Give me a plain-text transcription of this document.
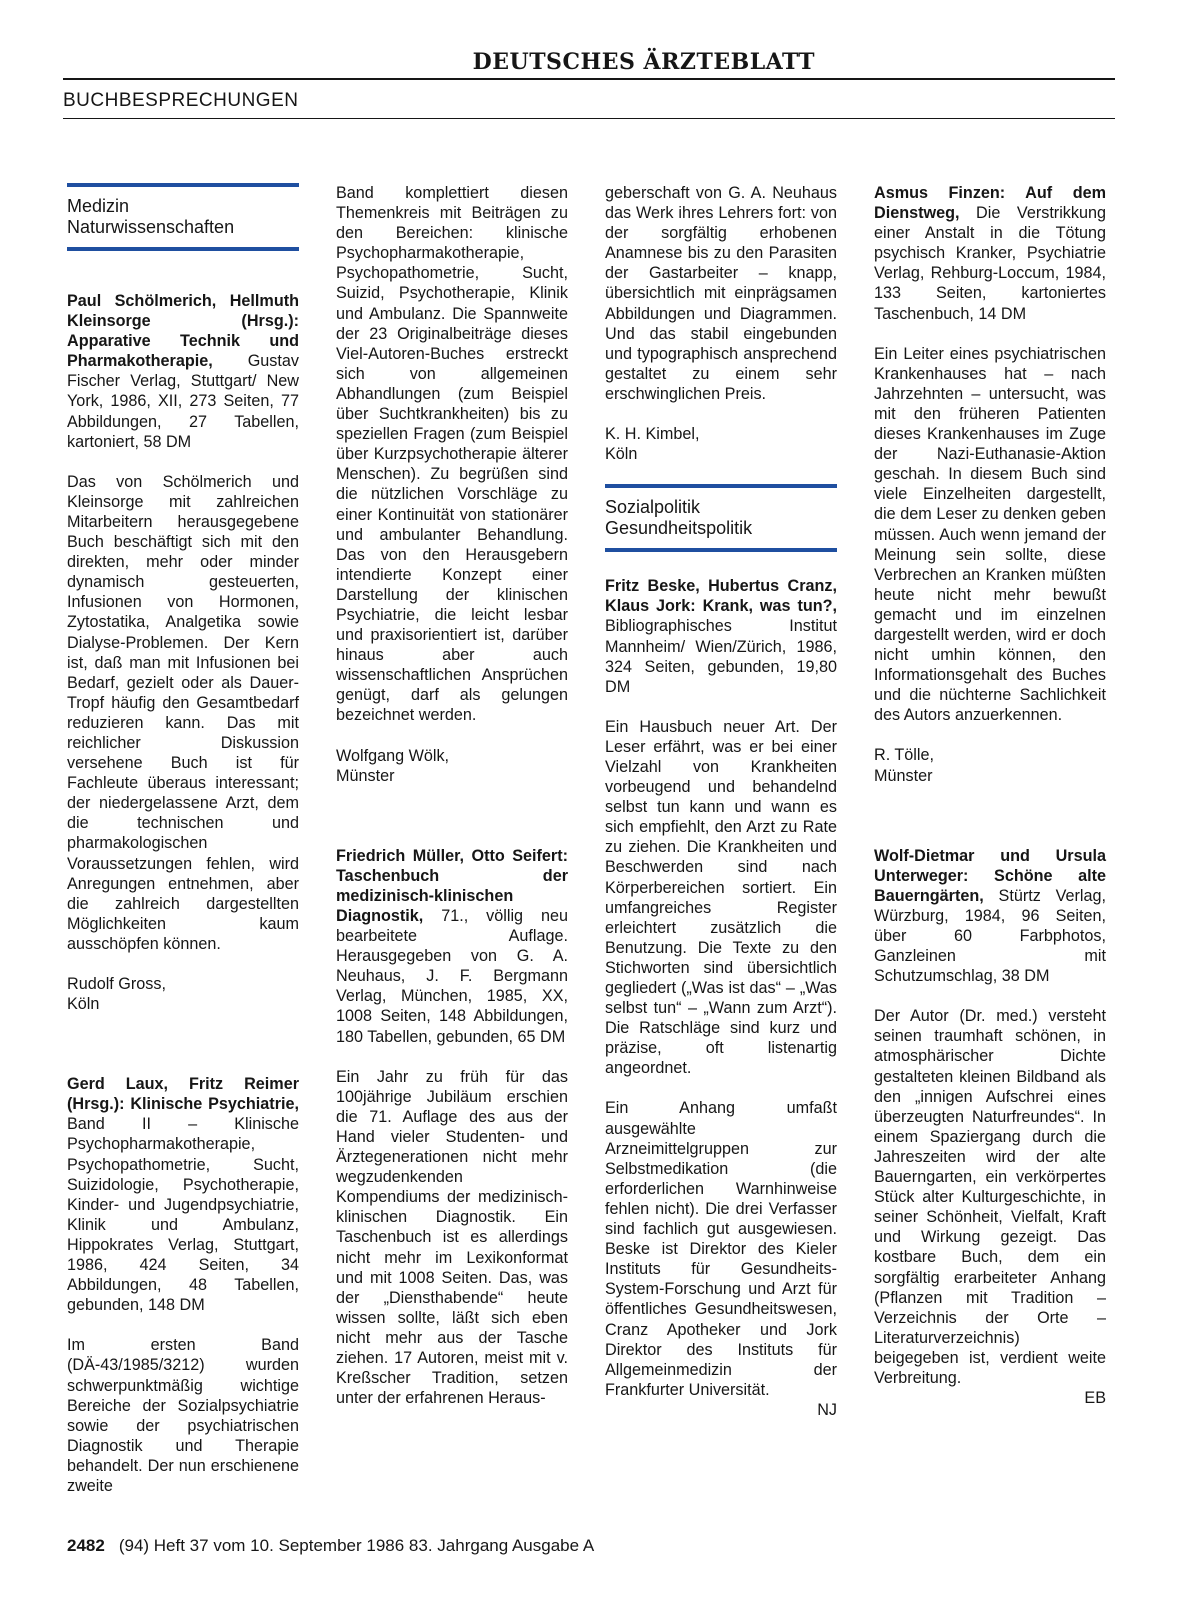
DEUTSCHES ÄRZTEBLATT
BUCHBESPRECHUNGEN
Medizin
Naturwissenschaften

Paul Schölmerich, Hellmuth Kleinsorge (Hrsg.): Apparative Technik und Pharmakotherapie, Gustav Fischer Verlag, Stuttgart/ New York, 1986, XII, 273 Seiten, 77 Abbildungen, 27 Tabellen, kartoniert, 58 DM

Das von Schölmerich und Kleinsorge mit zahlreichen Mitarbeitern herausgegebene Buch beschäftigt sich mit den direkten, mehr oder minder dynamisch gesteuerten, Infusionen von Hormonen, Zytostatika, Analgetika sowie Dialyse-Problemen. Der Kern ist, daß man mit Infusionen bei Bedarf, gezielt oder als Dauer-Tropf häufig den Gesamtbedarf reduzieren kann. Das mit reichlicher Diskussion versehene Buch ist für Fachleute überaus interessant; der niedergelassene Arzt, dem die technischen und pharmakologischen Voraussetzungen fehlen, wird Anregungen entnehmen, aber die zahlreich dargestellten Möglichkeiten kaum ausschöpfen können.

Rudolf Gross,
Köln

Gerd Laux, Fritz Reimer (Hrsg.): Klinische Psychiatrie, Band II – Klinische Psychopharmakotherapie, Psychopathometrie, Sucht, Suizidologie, Psychotherapie, Kinder- und Jugendpsychiatrie, Klinik und Ambulanz, Hippokrates Verlag, Stuttgart, 1986, 424 Seiten, 34 Abbildungen, 48 Tabellen, gebunden, 148 DM

Im ersten Band (DÄ-43/1985/3212) wurden schwerpunktmäßig wichtige Bereiche der Sozialpsychiatrie sowie der psychiatrischen Diagnostik und Therapie behandelt. Der nun erschienene zweite

Band komplettiert diesen Themenkreis mit Beiträgen zu den Bereichen: klinische Psychopharmakotherapie, Psychopathometrie, Sucht, Suizid, Psychotherapie, Klinik und Ambulanz. Die Spannweite der 23 Originalbeiträge dieses Viel-Autoren-Buches erstreckt sich von allgemeinen Abhandlungen (zum Beispiel über Suchtkrankheiten) bis zu speziellen Fragen (zum Beispiel über Kurzpsychotherapie älterer Menschen). Zu begrüßen sind die nützlichen Vorschläge zu einer Kontinuität von stationärer und ambulanter Behandlung. Das von den Herausgebern intendierte Konzept einer Darstellung der klinischen Psychiatrie, die leicht lesbar und praxisorientiert ist, darüber hinaus aber auch wissenschaftlichen Ansprüchen genügt, darf als gelungen bezeichnet werden.

Wolfgang Wölk,
Münster

Friedrich Müller, Otto Seifert: Taschenbuch der medizinisch-klinischen Diagnostik, 71., völlig neu bearbeitete Auflage. Herausgegeben von G. A. Neuhaus, J. F. Bergmann Verlag, München, 1985, XX, 1008 Seiten, 148 Abbildungen, 180 Tabellen, gebunden, 65 DM

Ein Jahr zu früh für das 100jährige Jubiläum erschien die 71. Auflage des aus der Hand vieler Studenten- und Ärztegenerationen nicht mehr wegzudenkenden Kompendiums der medizinisch-klinischen Diagnostik. Ein Taschenbuch ist es allerdings nicht mehr im Lexikonformat und mit 1008 Seiten. Das, was der „Diensthabende“ heute wissen sollte, läßt sich eben nicht mehr aus der Tasche ziehen. 17 Autoren, meist mit v. Kreßscher Tradition, setzen unter der erfahrenen Heraus-

geberschaft von G. A. Neuhaus das Werk ihres Lehrers fort: von der sorgfältig erhobenen Anamnese bis zu den Parasiten der Gastarbeiter – knapp, übersichtlich mit einprägsamen Abbildungen und Diagrammen. Und das stabil eingebunden und typographisch ansprechend gestaltet zu einem sehr erschwinglichen Preis.

K. H. Kimbel,
Köln
Sozialpolitik
Gesundheitspolitik

Fritz Beske, Hubertus Cranz, Klaus Jork: Krank, was tun?, Bibliographisches Institut Mannheim/ Wien/Zürich, 1986, 324 Seiten, gebunden, 19,80 DM

Ein Hausbuch neuer Art. Der Leser erfährt, was er bei einer Vielzahl von Krankheiten vorbeugend und behandelnd selbst tun kann und wann es sich empfiehlt, den Arzt zu Rate zu ziehen. Die Krankheiten und Beschwerden sind nach Körperbereichen sortiert. Ein umfangreiches Register erleichtert zusätzlich die Benutzung. Die Texte zu den Stichworten sind übersichtlich gegliedert („Was ist das“ – „Was selbst tun“ – „Wann zum Arzt“). Die Ratschläge sind kurz und präzise, oft listenartig angeordnet.

Ein Anhang umfaßt ausgewählte Arzneimittelgruppen zur Selbstmedikation (die erforderlichen Warnhinweise fehlen nicht). Die drei Verfasser sind fachlich gut ausgewiesen. Beske ist Direktor des Kieler Instituts für Gesundheits-System-Forschung und Arzt für öffentliches Gesundheitswesen, Cranz Apotheker und Jork Direktor des Instituts für Allgemeinmedizin der Frankfurter Universität.

NJ

Asmus Finzen: Auf dem Dienstweg, Die Verstrikkung einer Anstalt in die Tötung psychisch Kranker, Psychiatrie Verlag, Rehburg-Loccum, 1984, 133 Seiten, kartoniertes Taschenbuch, 14 DM

Ein Leiter eines psychiatrischen Krankenhauses hat – nach Jahrzehnten – untersucht, was mit den früheren Patienten dieses Krankenhauses im Zuge der Nazi-Euthanasie-Aktion geschah. In diesem Buch sind viele Einzelheiten dargestellt, die dem Leser zu denken geben müssen. Auch wenn jemand der Meinung sein sollte, diese Verbrechen an Kranken müßten heute nicht mehr bewußt gemacht und im einzelnen dargestellt werden, wird er doch nicht umhin können, den Informationsgehalt des Buches und die nüchterne Sachlichkeit des Autors anzuerkennen.

R. Tölle,
Münster

Wolf-Dietmar und Ursula Unterweger: Schöne alte Bauerngärten, Stürtz Verlag, Würzburg, 1984, 96 Seiten, über 60 Farbphotos, Ganzleinen mit Schutzumschlag, 38 DM

Der Autor (Dr. med.) versteht seinen traumhaft schönen, in atmosphärischer Dichte gestalteten kleinen Bildband als den „innigen Aufschrei eines überzeugten Naturfreundes“. In einem Spaziergang durch die Jahreszeiten wird der alte Bauerngarten, ein verkörpertes Stück alter Kulturgeschichte, in seiner Schönheit, Vielfalt, Kraft und Wirkung gezeigt. Das kostbare Buch, dem ein sorgfältig erarbeiteter Anhang (Pflanzen mit Tradition – Verzeichnis der Orte – Literaturverzeichnis) beigegeben ist, verdient weite Verbreitung.

EB
2482 (94) Heft 37 vom 10. September 1986 83. Jahrgang Ausgabe A
